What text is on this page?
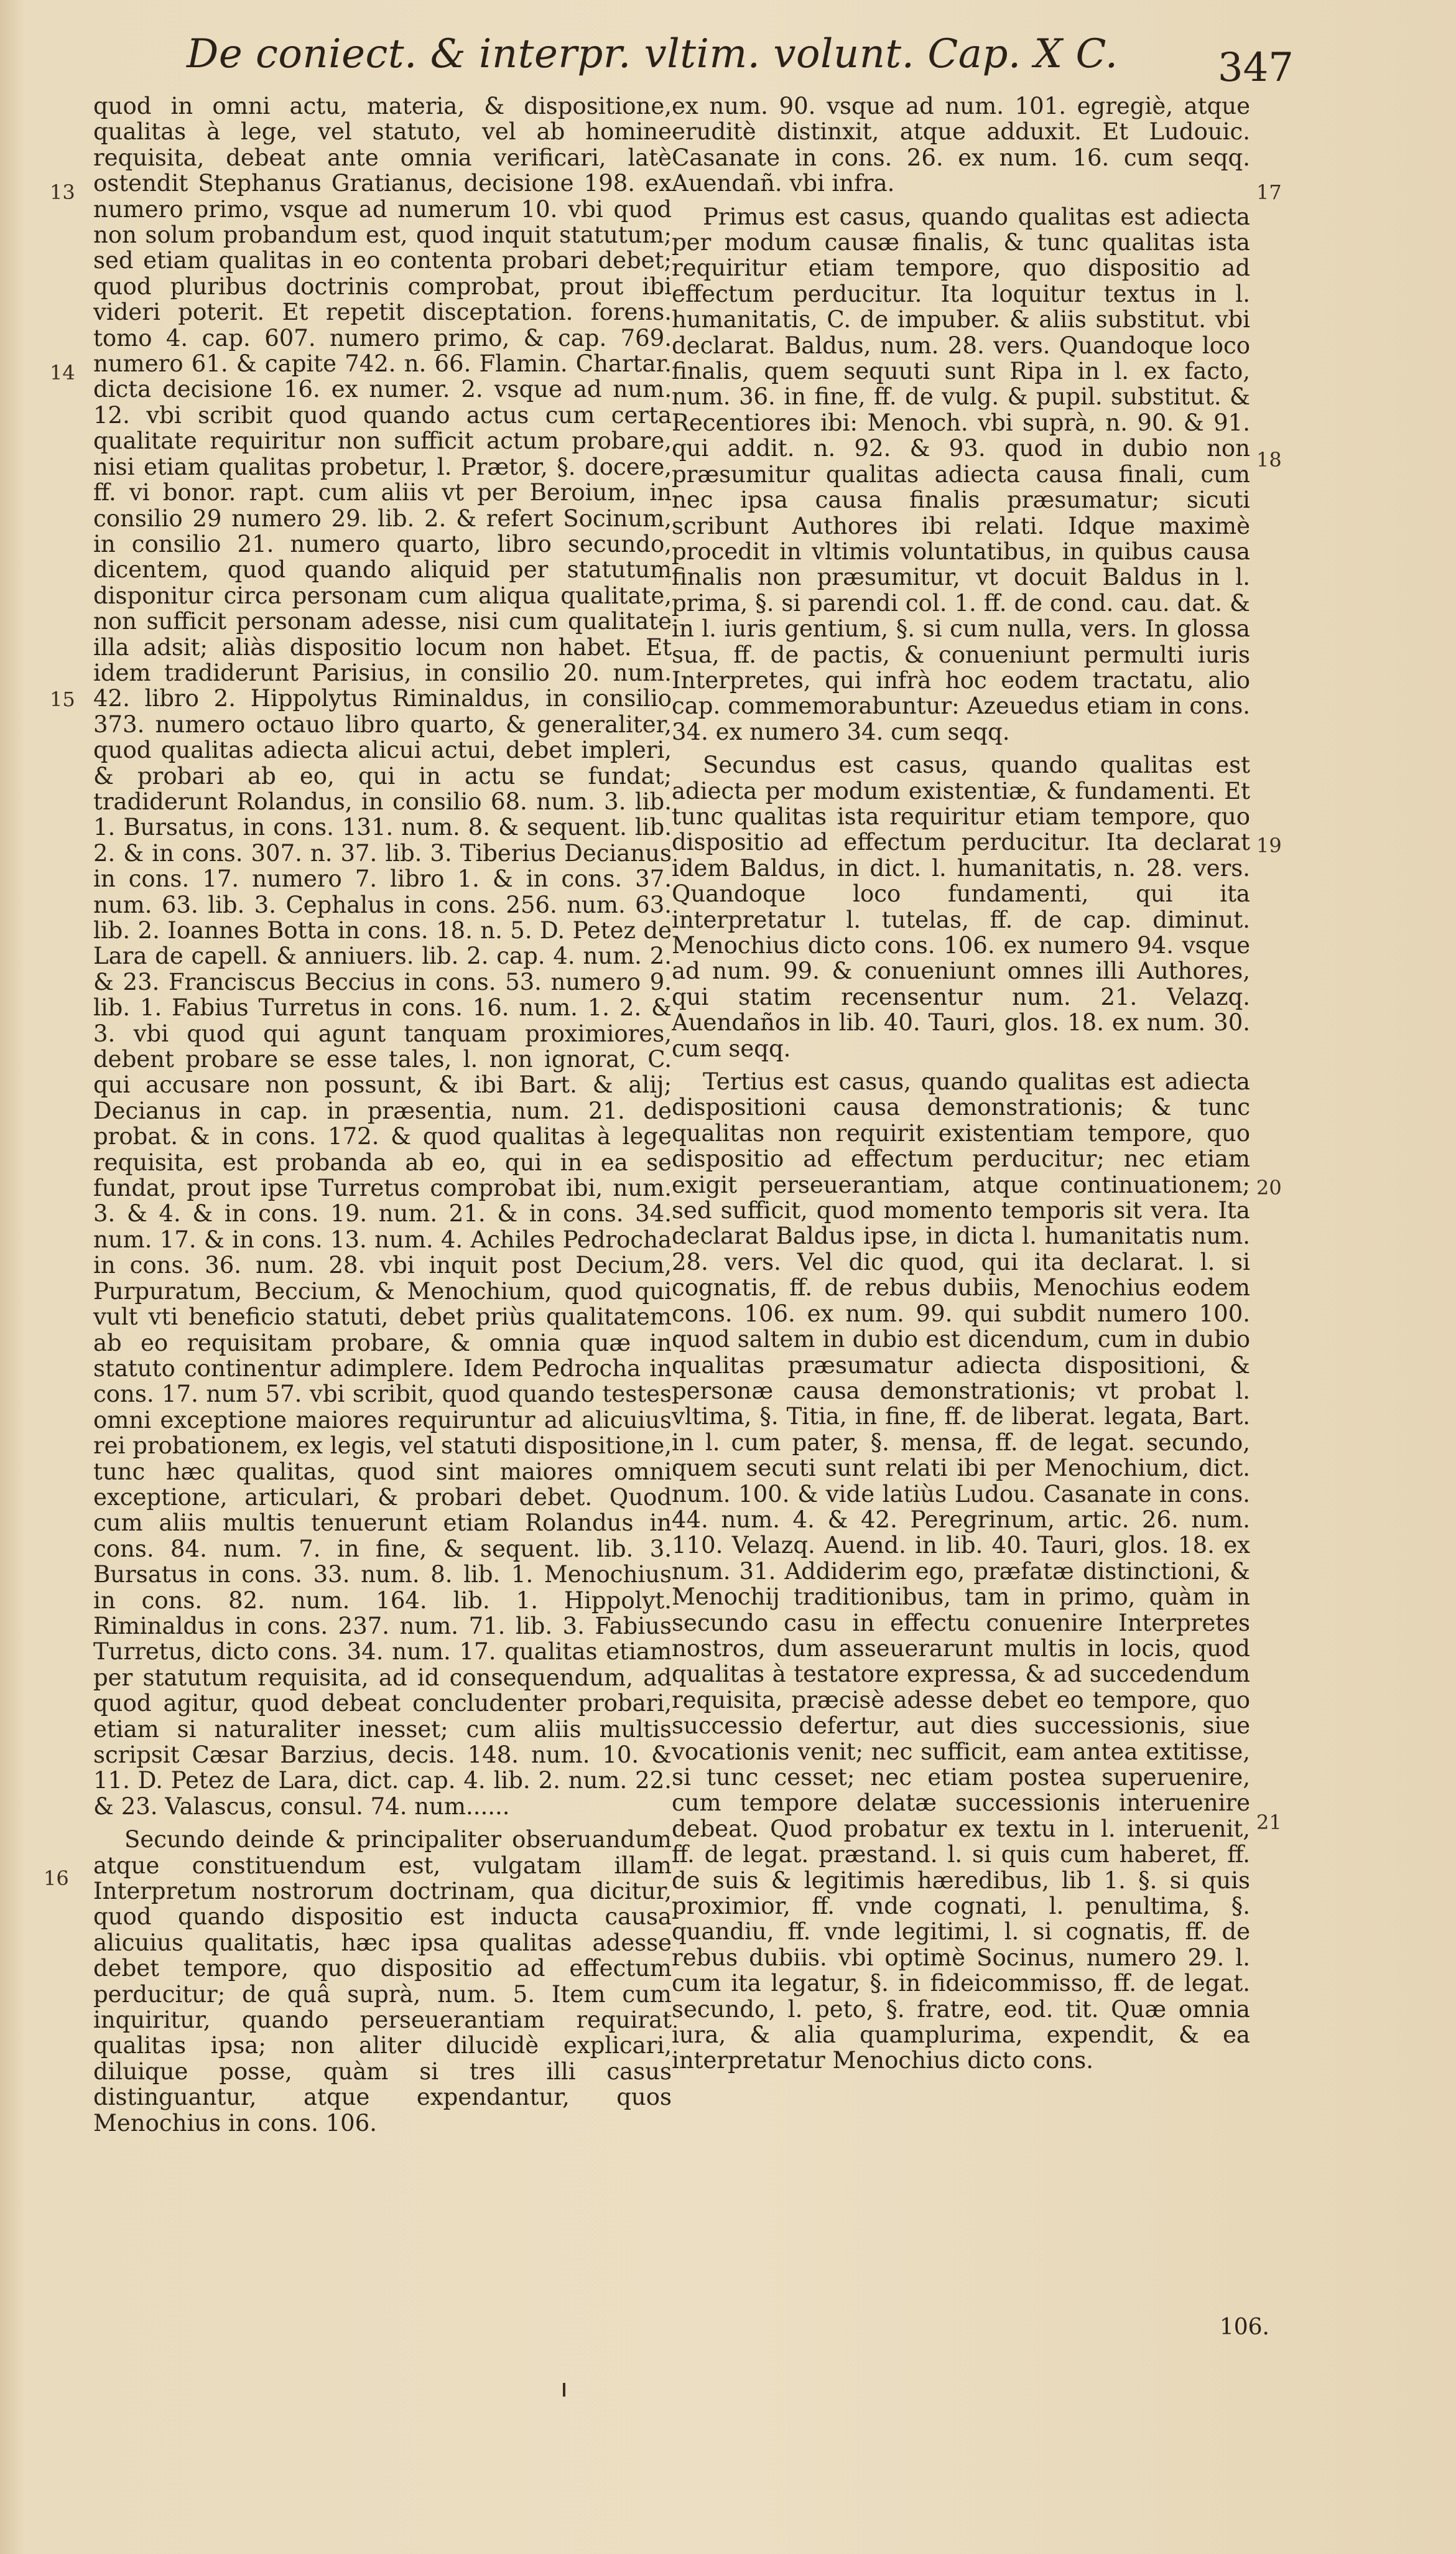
De coniect. & interpr. vltim. volunt. Cap. X C.	347
13
14
15
16
17
18
19
20
21

quod in omni actu, materia, & dispositione, qualitas à lege, vel statuto, vel ab homine requisita, debeat ante omnia verificari, latè ostendit Stephanus Gratianus, decisione 198. ex numero primo, vsque ad numerum 10. vbi quod non solum probandum est, quod inquit statutum; sed etiam qualitas in eo contenta probari debet; quod pluribus doctrinis comprobat, prout ibi videri poterit. Et repetit disceptation. forens. tomo 4. cap. 607. numero primo, & cap. 769. numero 61. & capite 742. n. 66. Flamin. Chartar. dicta decisione 16. ex numer. 2. vsque ad num. 12. vbi scribit quod quando actus cum certa qualitate requiritur non sufficit actum probare, nisi etiam qualitas probetur, l. Prætor, §. docere, ff. vi bonor. rapt. cum aliis vt per Beroium, in consilio 29 numero 29. lib. 2. & refert Socinum, in consilio 21. numero quarto, libro secundo, dicentem, quod quando aliquid per statutum disponitur circa personam cum aliqua qualitate, non sufficit personam adesse, nisi cum qualitate illa adsit; aliàs dispositio locum non habet. Et idem tradiderunt Parisius, in consilio 20. num. 42. libro 2. Hippolytus Riminaldus, in consilio 373. numero octauo libro quarto, & generaliter, quod qualitas adiecta alicui actui, debet impleri, & probari ab eo, qui in actu se fundat; tradiderunt Rolandus, in consilio 68. num. 3. lib. 1. Bursatus, in cons. 131. num. 8. & sequent. lib. 2. & in cons. 307. n. 37. lib. 3. Tiberius Decianus in cons. 17. numero 7. libro 1. & in cons. 37. num. 63. lib. 3. Cephalus in cons. 256. num. 63. lib. 2. Ioannes Botta in cons. 18. n. 5. D. Petez de Lara de capell. & anniuers. lib. 2. cap. 4. num. 2. & 23. Franciscus Beccius in cons. 53. numero 9. lib. 1. Fabius Turretus in cons. 16. num. 1. 2. & 3. vbi quod qui agunt tanquam proximiores, debent probare se esse tales, l. non ignorat, C. qui accusare non possunt, & ibi Bart. & alij; Decianus in cap. in præsentia, num. 21. de probat. & in cons. 172. & quod qualitas à lege requisita, est probanda ab eo, qui in ea se fundat, prout ipse Turretus comprobat ibi, num. 3. & 4. & in cons. 19. num. 21. & in cons. 34. num. 17. & in cons. 13. num. 4. Achiles Pedrocha in cons. 36. num. 28. vbi inquit post Decium, Purpuratum, Beccium, & Menochium, quod qui vult vti beneficio statuti, debet priùs qualitatem ab eo requisitam probare, & omnia quæ in statuto continentur adimplere. Idem Pedrocha in cons. 17. num 57. vbi scribit, quod quando testes omni exceptione maiores requiruntur ad alicuius rei probationem, ex legis, vel statuti dispositione, tunc hæc qualitas, quod sint maiores omni exceptione, articulari, & probari debet. Quod cum aliis multis tenuerunt etiam Rolandus in cons. 84. num. 7. in fine, & sequent. lib. 3. Bursatus in cons. 33. num. 8. lib. 1. Menochius in cons. 82. num. 164. lib. 1. Hippolyt. Riminaldus in cons. 237. num. 71. lib. 3. Fabius Turretus, dicto cons. 34. num. 17. qualitas etiam per statutum requisita, ad id consequendum, ad quod agitur, quod debeat concludenter probari, etiam si naturaliter inesset; cum aliis multis scripsit Cæsar Barzius, decis. 148. num. 10. & 11. D. Petez de Lara, dict. cap. 4. lib. 2. num. 22. & 23. Valascus, consul. 74. num......

Secundo deinde & principaliter obseruandum atque constituendum est, vulgatam illam Interpretum nostrorum doctrinam, qua dicitur, quod quando dispositio est inducta causa alicuius qualitatis, hæc ipsa qualitas adesse debet tempore, quo dispositio ad effectum perducitur; de quâ suprà, num. 5. Item cum inquiritur, quando perseuerantiam requirat qualitas ipsa; non aliter dilucidè explicari, diluique posse, quàm si tres illi casus distinguantur, atque expendantur, quos Menochius in cons. 106.

ex num. 90. vsque ad num. 101. egregiè, atque eruditè distinxit, atque adduxit. Et Ludouic. Casanate in cons. 26. ex num. 16. cum seqq. Auendañ. vbi infra.

Primus est casus, quando qualitas est adiecta per modum causæ finalis, & tunc qualitas ista requiritur etiam tempore, quo dispositio ad effectum perducitur. Ita loquitur textus in l. humanitatis, C. de impuber. & aliis substitut. vbi declarat. Baldus, num. 28. vers. Quandoque loco finalis, quem sequuti sunt Ripa in l. ex facto, num. 36. in fine, ff. de vulg. & pupil. substitut. & Recentiores ibi: Menoch. vbi suprà, n. 90. & 91. qui addit. n. 92. & 93. quod in dubio non præsumitur qualitas adiecta causa finali, cum nec ipsa causa finalis præsumatur; sicuti scribunt Authores ibi relati. Idque maximè procedit in vltimis voluntatibus, in quibus causa finalis non præsumitur, vt docuit Baldus in l. prima, §. si parendi col. 1. ff. de cond. cau. dat. & in l. iuris gentium, §. si cum nulla, vers. In glossa sua, ff. de pactis, & conueniunt permulti iuris Interpretes, qui infrà hoc eodem tractatu, alio cap. commemorabuntur: Azeuedus etiam in cons. 34. ex numero 34. cum seqq.

Secundus est casus, quando qualitas est adiecta per modum existentiæ, & fundamenti. Et tunc qualitas ista requiritur etiam tempore, quo dispositio ad effectum perducitur. Ita declarat idem Baldus, in dict. l. humanitatis, n. 28. vers. Quandoque loco fundamenti, qui ita interpretatur l. tutelas, ff. de cap. diminut. Menochius dicto cons. 106. ex numero 94. vsque ad num. 99. & conueniunt omnes illi Authores, qui statim recensentur num. 21. Velazq. Auendaños in lib. 40. Tauri, glos. 18. ex num. 30. cum seqq.

Tertius est casus, quando qualitas est adiecta dispositioni causa demonstrationis; & tunc qualitas non requirit existentiam tempore, quo dispositio ad effectum perducitur; nec etiam exigit perseuerantiam, atque continuationem; sed sufficit, quod momento temporis sit vera. Ita declarat Baldus ipse, in dicta l. humanitatis num. 28. vers. Vel dic quod, qui ita declarat. l. si cognatis, ff. de rebus dubiis, Menochius eodem cons. 106. ex num. 99. qui subdit numero 100. quod saltem in dubio est dicendum, cum in dubio qualitas præsumatur adiecta dispositioni, & personæ causa demonstrationis; vt probat l. vltima, §. Titia, in fine, ff. de liberat. legata, Bart. in l. cum pater, §. mensa, ff. de legat. secundo, quem secuti sunt relati ibi per Menochium, dict. num. 100. & vide latiùs Ludou. Casanate in cons. 44. num. 4. & 42. Peregrinum, artic. 26. num. 110. Velazq. Auend. in lib. 40. Tauri, glos. 18. ex num. 31. Addiderim ego, præfatæ distinctioni, & Menochij traditionibus, tam in primo, quàm in secundo casu in effectu conuenire Interpretes nostros, dum asseuerarunt multis in locis, quod qualitas à testatore expressa, & ad succedendum requisita, præcisè adesse debet eo tempore, quo successio defertur, aut dies successionis, siue vocationis venit; nec sufficit, eam antea extitisse, si tunc cesset; nec etiam postea superuenire, cum tempore delatæ successionis interuenire debeat. Quod probatur ex textu in l. interuenit, ff. de legat. præstand. l. si quis cum haberet, ff. de suis & legitimis hæredibus, lib 1. §. si quis proximior, ff. vnde cognati, l. penultima, §. quandiu, ff. vnde legitimi, l. si cognatis, ff. de rebus dubiis. vbi optimè Socinus, numero 29. l. cum ita legatur, §. in fideicommisso, ff. de legat. secundo, l. peto, §. fratre, eod. tit. Quæ omnia iura, & alia quamplurima, expendit, & ea interpretatur Menochius dicto cons.

106.
